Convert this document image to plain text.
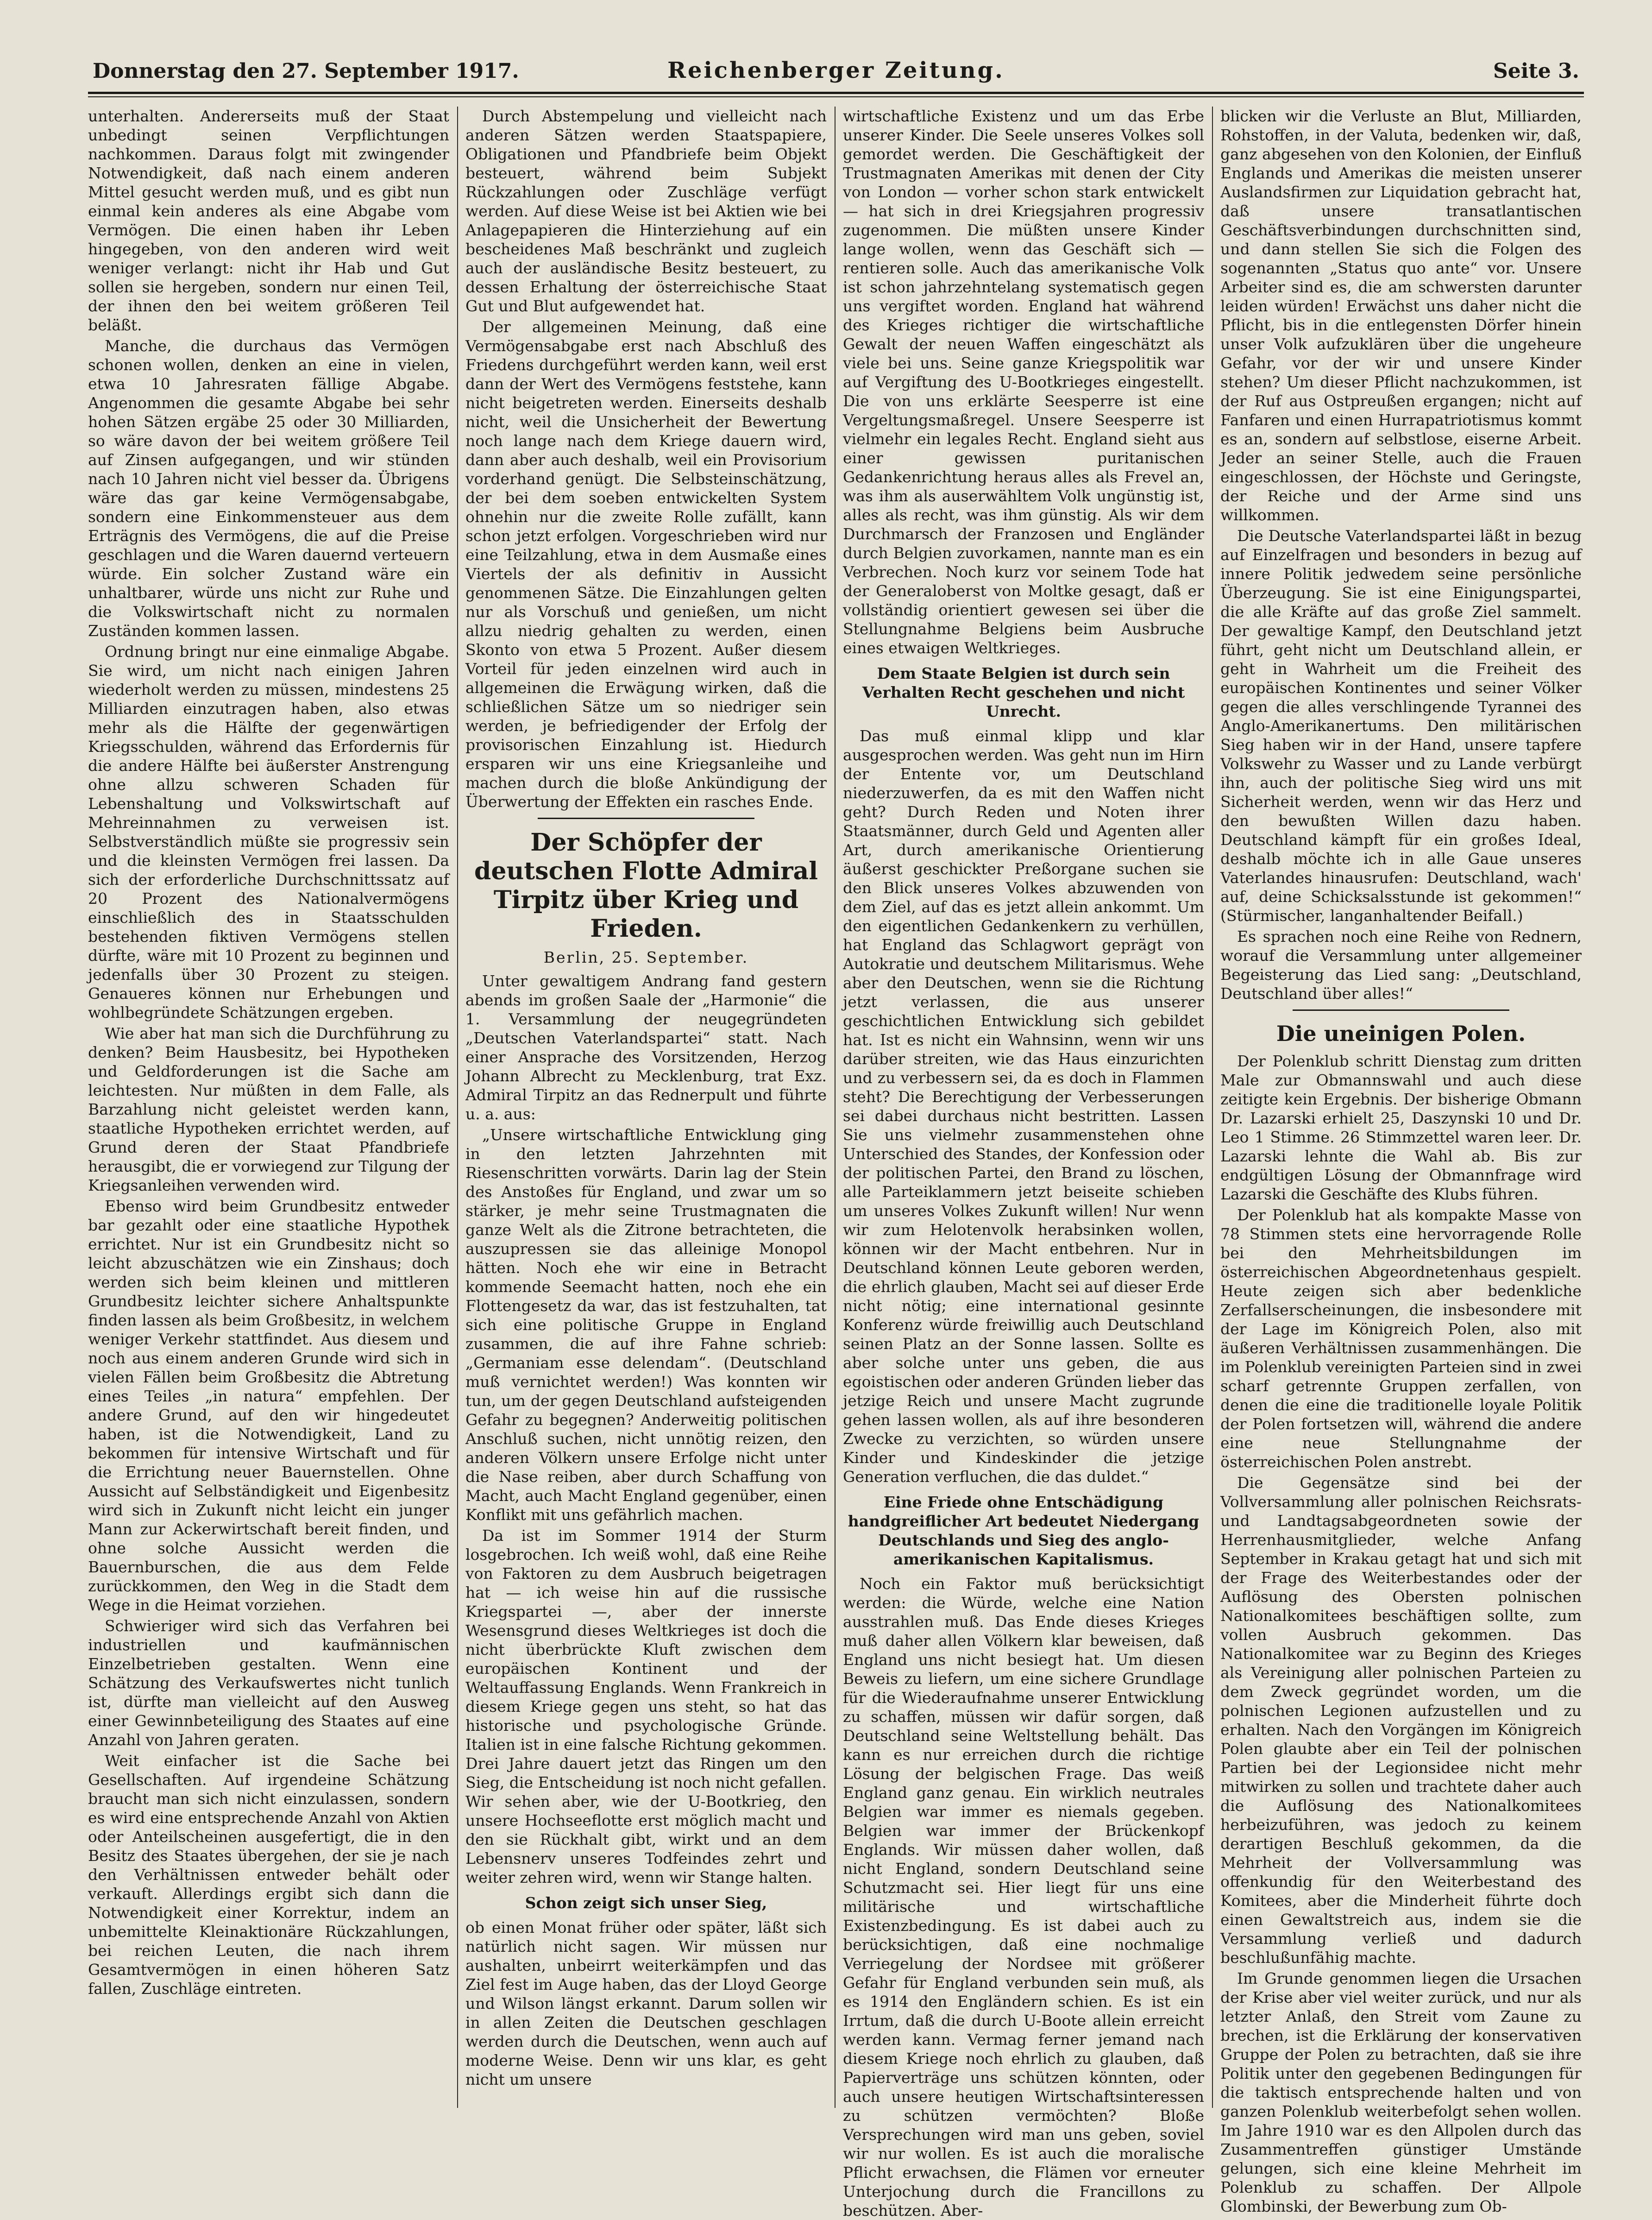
Donnerstag den 27. September 1917.	Reichenberger Zeitung.	Seite 3.

unterhalten. Andererseits muß der Staat unbedingt seinen Verpflichtungen nachkommen. Daraus folgt mit zwingender Notwendigkeit, daß nach einem anderen Mittel gesucht werden muß, und es gibt nun einmal kein anderes als eine Abgabe vom Vermögen. Die einen haben ihr Leben hingegeben, von den anderen wird weit weniger verlangt: nicht ihr Hab und Gut sollen sie hergeben, sondern nur einen Teil, der ihnen den bei weitem größeren Teil beläßt.

Manche, die durchaus das Vermögen schonen wollen, denken an eine in vielen, etwa 10 Jahresraten fällige Abgabe. Angenommen die gesamte Abgabe bei sehr hohen Sätzen ergäbe 25 oder 30 Milliarden, so wäre davon der bei weitem größere Teil auf Zinsen aufgegangen, und wir stünden nach 10 Jahren nicht viel besser da. Übrigens wäre das gar keine Vermögensabgabe, sondern eine Einkommensteuer aus dem Erträgnis des Vermögens, die auf die Preise geschlagen und die Waren dauernd verteuern würde. Ein solcher Zustand wäre ein unhaltbarer, würde uns nicht zur Ruhe und die Volkswirtschaft nicht zu normalen Zuständen kommen lassen.

Ordnung bringt nur eine einmalige Abgabe. Sie wird, um nicht nach einigen Jahren wiederholt werden zu müssen, mindestens 25 Milliarden einzutragen haben, also etwas mehr als die Hälfte der gegenwärtigen Kriegsschulden, während das Erfordernis für die andere Hälfte bei äußerster Anstrengung ohne allzu schweren Schaden für Lebenshaltung und Volkswirtschaft auf Mehreinnahmen zu verweisen ist. Selbstverständlich müßte sie progressiv sein und die kleinsten Vermögen frei lassen. Da sich der erforderliche Durchschnittssatz auf 20 Prozent des Nationalvermögens einschließlich des in Staatsschulden bestehenden fiktiven Vermögens stellen dürfte, wäre mit 10 Prozent zu beginnen und jedenfalls über 30 Prozent zu steigen. Genaueres können nur Erhebungen und wohlbegründete Schätzungen ergeben.

Wie aber hat man sich die Durchführung zu denken? Beim Hausbesitz, bei Hypotheken und Geldforderungen ist die Sache am leichtesten. Nur müßten in dem Falle, als Barzahlung nicht geleistet werden kann, staatliche Hypotheken errichtet werden, auf Grund deren der Staat Pfandbriefe herausgibt, die er vorwiegend zur Tilgung der Kriegsanleihen verwenden wird.

Ebenso wird beim Grundbesitz entweder bar gezahlt oder eine staatliche Hypothek errichtet. Nur ist ein Grundbesitz nicht so leicht abzuschätzen wie ein Zinshaus; doch werden sich beim kleinen und mittleren Grundbesitz leichter sichere Anhaltspunkte finden lassen als beim Großbesitz, in welchem weniger Verkehr stattfindet. Aus diesem und noch aus einem anderen Grunde wird sich in vielen Fällen beim Großbesitz die Abtretung eines Teiles „in natura“ empfehlen. Der andere Grund, auf den wir hingedeutet haben, ist die Notwendigkeit, Land zu bekommen für intensive Wirtschaft und für die Errichtung neuer Bauernstellen. Ohne Aussicht auf Selbständigkeit und Eigenbesitz wird sich in Zukunft nicht leicht ein junger Mann zur Ackerwirtschaft bereit finden, und ohne solche Aussicht werden die Bauernburschen, die aus dem Felde zurückkommen, den Weg in die Stadt dem Wege in die Heimat vorziehen.

Schwieriger wird sich das Verfahren bei industriellen und kaufmännischen Einzelbetrieben gestalten. Wenn eine Schätzung des Verkaufswertes nicht tunlich ist, dürfte man vielleicht auf den Ausweg einer Gewinnbeteiligung des Staates auf eine Anzahl von Jahren geraten.

Weit einfacher ist die Sache bei Gesellschaften. Auf irgendeine Schätzung braucht man sich nicht einzulassen, sondern es wird eine entsprechende Anzahl von Aktien oder Anteilscheinen ausgefertigt, die in den Besitz des Staates übergehen, der sie je nach den Verhältnissen entweder behält oder verkauft. Allerdings ergibt sich dann die Notwendigkeit einer Korrektur, indem an unbemittelte Kleinaktionäre Rückzahlungen, bei reichen Leuten, die nach ihrem Gesamtvermögen in einen höheren Satz fallen, Zuschläge eintreten.

Durch Abstempelung und vielleicht nach anderen Sätzen werden Staatspapiere, Obligationen und Pfandbriefe beim Objekt besteuert, während beim Subjekt Rückzahlungen oder Zuschläge verfügt werden. Auf diese Weise ist bei Aktien wie bei Anlagepapieren die Hinterziehung auf ein bescheidenes Maß beschränkt und zugleich auch der ausländische Besitz besteuert, zu dessen Erhaltung der österreichische Staat Gut und Blut aufgewendet hat.

Der allgemeinen Meinung, daß eine Vermögensabgabe erst nach Abschluß des Friedens durchgeführt werden kann, weil erst dann der Wert des Vermögens feststehe, kann nicht beigetreten werden. Einerseits deshalb nicht, weil die Unsicherheit der Bewertung noch lange nach dem Kriege dauern wird, dann aber auch deshalb, weil ein Provisorium vorderhand genügt. Die Selbsteinschätzung, der bei dem soeben entwickelten System ohnehin nur die zweite Rolle zufällt, kann schon jetzt erfolgen. Vorgeschrieben wird nur eine Teilzahlung, etwa in dem Ausmaße eines Viertels der als definitiv in Aussicht genommenen Sätze. Die Einzahlungen gelten nur als Vorschuß und genießen, um nicht allzu niedrig gehalten zu werden, einen Skonto von etwa 5 Prozent. Außer diesem Vorteil für jeden einzelnen wird auch in allgemeinen die Erwägung wirken, daß die schließlichen Sätze um so niedriger sein werden, je befriedigender der Erfolg der provisorischen Einzahlung ist. Hiedurch ersparen wir uns eine Kriegsanleihe und machen durch die bloße Ankündigung der Überwertung der Effekten ein rasches Ende.

Der Schöpfer der deutschen Flotte Admiral Tirpitz über Krieg und Frieden.
Berlin, 25. September.

Unter gewaltigem Andrang fand gestern abends im großen Saale der „Harmonie“ die 1. Versammlung der neugegründeten „Deutschen Vaterlandspartei“ statt. Nach einer Ansprache des Vorsitzenden, Herzog Johann Albrecht zu Mecklenburg, trat Exz. Admiral Tirpitz an das Rednerpult und führte u. a. aus:

„Unsere wirtschaftliche Entwicklung ging in den letzten Jahrzehnten mit Riesenschritten vorwärts. Darin lag der Stein des Anstoßes für England, und zwar um so stärker, je mehr seine Trustmagnaten die ganze Welt als die Zitrone betrachteten, die auszupressen sie das alleinige Monopol hätten. Noch ehe wir eine in Betracht kommende Seemacht hatten, noch ehe ein Flottengesetz da war, das ist festzuhalten, tat sich eine politische Gruppe in England zusammen, die auf ihre Fahne schrieb: „Germaniam esse delendam“. (Deutschland muß vernichtet werden!) Was konnten wir tun, um der gegen Deutschland aufsteigenden Gefahr zu begegnen? Anderweitig politischen Anschluß suchen, nicht unnötig reizen, den anderen Völkern unsere Erfolge nicht unter die Nase reiben, aber durch Schaffung von Macht, auch Macht England gegenüber, einen Konflikt mit uns gefährlich machen.

Da ist im Sommer 1914 der Sturm losgebrochen. Ich weiß wohl, daß eine Reihe von Faktoren zu dem Ausbruch beigetragen hat — ich weise hin auf die russische Kriegspartei —, aber der innerste Wesensgrund dieses Weltkrieges ist doch die nicht überbrückte Kluft zwischen dem europäischen Kontinent und der Weltauffassung Englands. Wenn Frankreich in diesem Kriege gegen uns steht, so hat das historische und psychologische Gründe. Italien ist in eine falsche Richtung gekommen. Drei Jahre dauert jetzt das Ringen um den Sieg, die Entscheidung ist noch nicht gefallen. Wir sehen aber, wie der U-Bootkrieg, den unsere Hochseeflotte erst möglich macht und den sie Rückhalt gibt, wirkt und an dem Lebensnerv unseres Todfeindes zehrt und weiter zehren wird, wenn wir Stange halten.

Schon zeigt sich unser Sieg,

ob einen Monat früher oder später, läßt sich natürlich nicht sagen. Wir müssen nur aushalten, unbeirrt weiterkämpfen und das Ziel fest im Auge haben, das der Lloyd George und Wilson längst erkannt. Darum sollen wir in allen Zeiten die Deutschen geschlagen werden durch die Deutschen, wenn auch auf moderne Weise. Denn wir uns klar, es geht nicht um unsere

wirtschaftliche Existenz und um das Erbe unserer Kinder. Die Seele unseres Volkes soll gemordet werden. Die Geschäftigkeit der Trustmagnaten Amerikas mit denen der City von London — vorher schon stark entwickelt — hat sich in drei Kriegsjahren progressiv zugenommen. Die müßten unsere Kinder lange wollen, wenn das Geschäft sich — rentieren solle. Auch das amerikanische Volk ist schon jahrzehntelang systematisch gegen uns vergiftet worden. England hat während des Krieges richtiger die wirtschaftliche Gewalt der neuen Waffen eingeschätzt als viele bei uns. Seine ganze Kriegspolitik war auf Vergiftung des U-Bootkrieges eingestellt. Die von uns erklärte Seesperre ist eine Vergeltungsmaßregel. Unsere Seesperre ist vielmehr ein legales Recht. England sieht aus einer gewissen puritanischen Gedankenrichtung heraus alles als Frevel an, was ihm als auserwähltem Volk ungünstig ist, alles als recht, was ihm günstig. Als wir dem Durchmarsch der Franzosen und Engländer durch Belgien zuvorkamen, nannte man es ein Verbrechen. Noch kurz vor seinem Tode hat der Generaloberst von Moltke gesagt, daß er vollständig orientiert gewesen sei über die Stellungnahme Belgiens beim Ausbruche eines etwaigen Weltkrieges.

Dem Staate Belgien ist durch sein Verhalten Recht geschehen und nicht Unrecht.

Das muß einmal klipp und klar ausgesprochen werden. Was geht nun im Hirn der Entente vor, um Deutschland niederzuwerfen, da es mit den Waffen nicht geht? Durch Reden und Noten ihrer Staatsmänner, durch Geld und Agenten aller Art, durch amerikanische Orientierung äußerst geschickter Preßorgane suchen sie den Blick unseres Volkes abzuwenden von dem Ziel, auf das es jetzt allein ankommt. Um den eigentlichen Gedankenkern zu verhüllen, hat England das Schlagwort geprägt von Autokratie und deutschem Militarismus. Wehe aber den Deutschen, wenn sie die Richtung jetzt verlassen, die aus unserer geschichtlichen Entwicklung sich gebildet hat. Ist es nicht ein Wahnsinn, wenn wir uns darüber streiten, wie das Haus einzurichten und zu verbessern sei, da es doch in Flammen steht? Die Berechtigung der Verbesserungen sei dabei durchaus nicht bestritten. Lassen Sie uns vielmehr zusammenstehen ohne Unterschied des Standes, der Konfession oder der politischen Partei, den Brand zu löschen, alle Parteiklammern jetzt beiseite schieben um unseres Volkes Zukunft willen! Nur wenn wir zum Helotenvolk herabsinken wollen, können wir der Macht entbehren. Nur in Deutschland können Leute geboren werden, die ehrlich glauben, Macht sei auf dieser Erde nicht nötig; eine international gesinnte Konferenz würde freiwillig auch Deutschland seinen Platz an der Sonne lassen. Sollte es aber solche unter uns geben, die aus egoistischen oder anderen Gründen lieber das jetzige Reich und unsere Macht zugrunde gehen lassen wollen, als auf ihre besonderen Zwecke zu verzichten, so würden unsere Kinder und Kindeskinder die jetzige Generation verfluchen, die das duldet.“

Eine Friede ohne Entschädigung handgreiflicher Art bedeutet Niedergang Deutschlands und Sieg des anglo-amerikanischen Kapitalismus.

Noch ein Faktor muß berücksichtigt werden: die Würde, welche eine Nation ausstrahlen muß. Das Ende dieses Krieges muß daher allen Völkern klar beweisen, daß England uns nicht besiegt hat. Um diesen Beweis zu liefern, um eine sichere Grundlage für die Wiederaufnahme unserer Entwicklung zu schaffen, müssen wir dafür sorgen, daß Deutschland seine Weltstellung behält. Das kann es nur erreichen durch die richtige Lösung der belgischen Frage. Das weiß England ganz genau. Ein wirklich neutrales Belgien war immer es niemals gegeben. Belgien war immer der Brückenkopf Englands. Wir müssen daher wollen, daß nicht England, sondern Deutschland seine Schutzmacht sei. Hier liegt für uns eine militärische und wirtschaftliche Existenzbedingung. Es ist dabei auch zu berücksichtigen, daß eine nochmalige Verriegelung der Nordsee mit größerer Gefahr für England verbunden sein muß, als es 1914 den Engländern schien. Es ist ein Irrtum, daß die durch U-Boote allein erreicht werden kann. Vermag ferner jemand nach diesem Kriege noch ehrlich zu glauben, daß Papierverträge uns schützen könnten, oder auch unsere heutigen Wirtschaftsinteressen zu schützen vermöchten? Bloße Versprechungen wird man uns geben, soviel wir nur wollen. Es ist auch die moralische Pflicht erwachsen, die Flämen vor erneuter Unterjochung durch die Francillons zu beschützen. Aber-

blicken wir die Verluste an Blut, Milliarden, Rohstoffen, in der Valuta, bedenken wir, daß, ganz abgesehen von den Kolonien, der Einfluß Englands und Amerikas die meisten unserer Auslandsfirmen zur Liquidation gebracht hat, daß unsere transatlantischen Geschäftsverbindungen durchschnitten sind, und dann stellen Sie sich die Folgen des sogenannten „Status quo ante“ vor. Unsere Arbeiter sind es, die am schwersten darunter leiden würden! Erwächst uns daher nicht die Pflicht, bis in die entlegensten Dörfer hinein unser Volk aufzuklären über die ungeheure Gefahr, vor der wir und unsere Kinder stehen? Um dieser Pflicht nachzukommen, ist der Ruf aus Ostpreußen ergangen; nicht auf Fanfaren und einen Hurrapatriotismus kommt es an, sondern auf selbstlose, eiserne Arbeit. Jeder an seiner Stelle, auch die Frauen eingeschlossen, der Höchste und Geringste, der Reiche und der Arme sind uns willkommen.

Die Deutsche Vaterlandspartei läßt in bezug auf Einzelfragen und besonders in bezug auf innere Politik jedwedem seine persönliche Überzeugung. Sie ist eine Einigungspartei, die alle Kräfte auf das große Ziel sammelt. Der gewaltige Kampf, den Deutschland jetzt führt, geht nicht um Deutschland allein, er geht in Wahrheit um die Freiheit des europäischen Kontinentes und seiner Völker gegen die alles verschlingende Tyrannei des Anglo-Amerikanertums. Den militärischen Sieg haben wir in der Hand, unsere tapfere Volkswehr zu Wasser und zu Lande verbürgt ihn, auch der politische Sieg wird uns mit Sicherheit werden, wenn wir das Herz und den bewußten Willen dazu haben. Deutschland kämpft für ein großes Ideal, deshalb möchte ich in alle Gaue unseres Vaterlandes hinausrufen: Deutschland, wach' auf, deine Schicksalsstunde ist gekommen!“ (Stürmischer, langanhaltender Beifall.)

Es sprachen noch eine Reihe von Rednern, worauf die Versammlung unter allgemeiner Begeisterung das Lied sang: „Deutschland, Deutschland über alles!“

Die uneinigen Polen.

Der Polenklub schritt Dienstag zum dritten Male zur Obmannswahl und auch diese zeitigte kein Ergebnis. Der bisherige Obmann Dr. Lazarski erhielt 25, Daszynski 10 und Dr. Leo 1 Stimme. 26 Stimmzettel waren leer. Dr. Lazarski lehnte die Wahl ab. Bis zur endgültigen Lösung der Obmannfrage wird Lazarski die Geschäfte des Klubs führen.

Der Polenklub hat als kompakte Masse von 78 Stimmen stets eine hervorragende Rolle bei den Mehrheitsbildungen im österreichischen Abgeordnetenhaus gespielt. Heute zeigen sich aber bedenkliche Zerfallserscheinungen, die insbesondere mit der Lage im Königreich Polen, also mit äußeren Verhältnissen zusammenhängen. Die im Polenklub vereinigten Parteien sind in zwei scharf getrennte Gruppen zerfallen, von denen die eine die traditionelle loyale Politik der Polen fortsetzen will, während die andere eine neue Stellungnahme der österreichischen Polen anstrebt.

Die Gegensätze sind bei der Vollversammlung aller polnischen Reichsrats- und Landtagsabgeordneten sowie der Herrenhausmitglieder, welche Anfang September in Krakau getagt hat und sich mit der Frage des Weiterbestandes oder der Auflösung des Obersten polnischen Nationalkomitees beschäftigen sollte, zum vollen Ausbruch gekommen. Das Nationalkomitee war zu Beginn des Krieges als Vereinigung aller polnischen Parteien zu dem Zweck gegründet worden, um die polnischen Legionen aufzustellen und zu erhalten. Nach den Vorgängen im Königreich Polen glaubte aber ein Teil der polnischen Partien bei der Legionsidee nicht mehr mitwirken zu sollen und trachtete daher auch die Auflösung des Nationalkomitees herbeizuführen, was jedoch zu keinem derartigen Beschluß gekommen, da die Mehrheit der Vollversammlung was offenkundig für den Weiterbestand des Komitees, aber die Minderheit führte doch einen Gewaltstreich aus, indem sie die Versammlung verließ und dadurch beschlußunfähig machte.

Im Grunde genommen liegen die Ursachen der Krise aber viel weiter zurück, und nur als letzter Anlaß, den Streit vom Zaune zu brechen, ist die Erklärung der konservativen Gruppe der Polen zu betrachten, daß sie ihre Politik unter den gegebenen Bedingungen für die taktisch entsprechende halten und von ganzen Polenklub weiterbefolgt sehen wollen. Im Jahre 1910 war es den Allpolen durch das Zusammentreffen günstiger Umstände gelungen, sich eine kleine Mehrheit im Polenklub zu schaffen. Der Allpole Glombinski, der Bewerbung zum Ob-
